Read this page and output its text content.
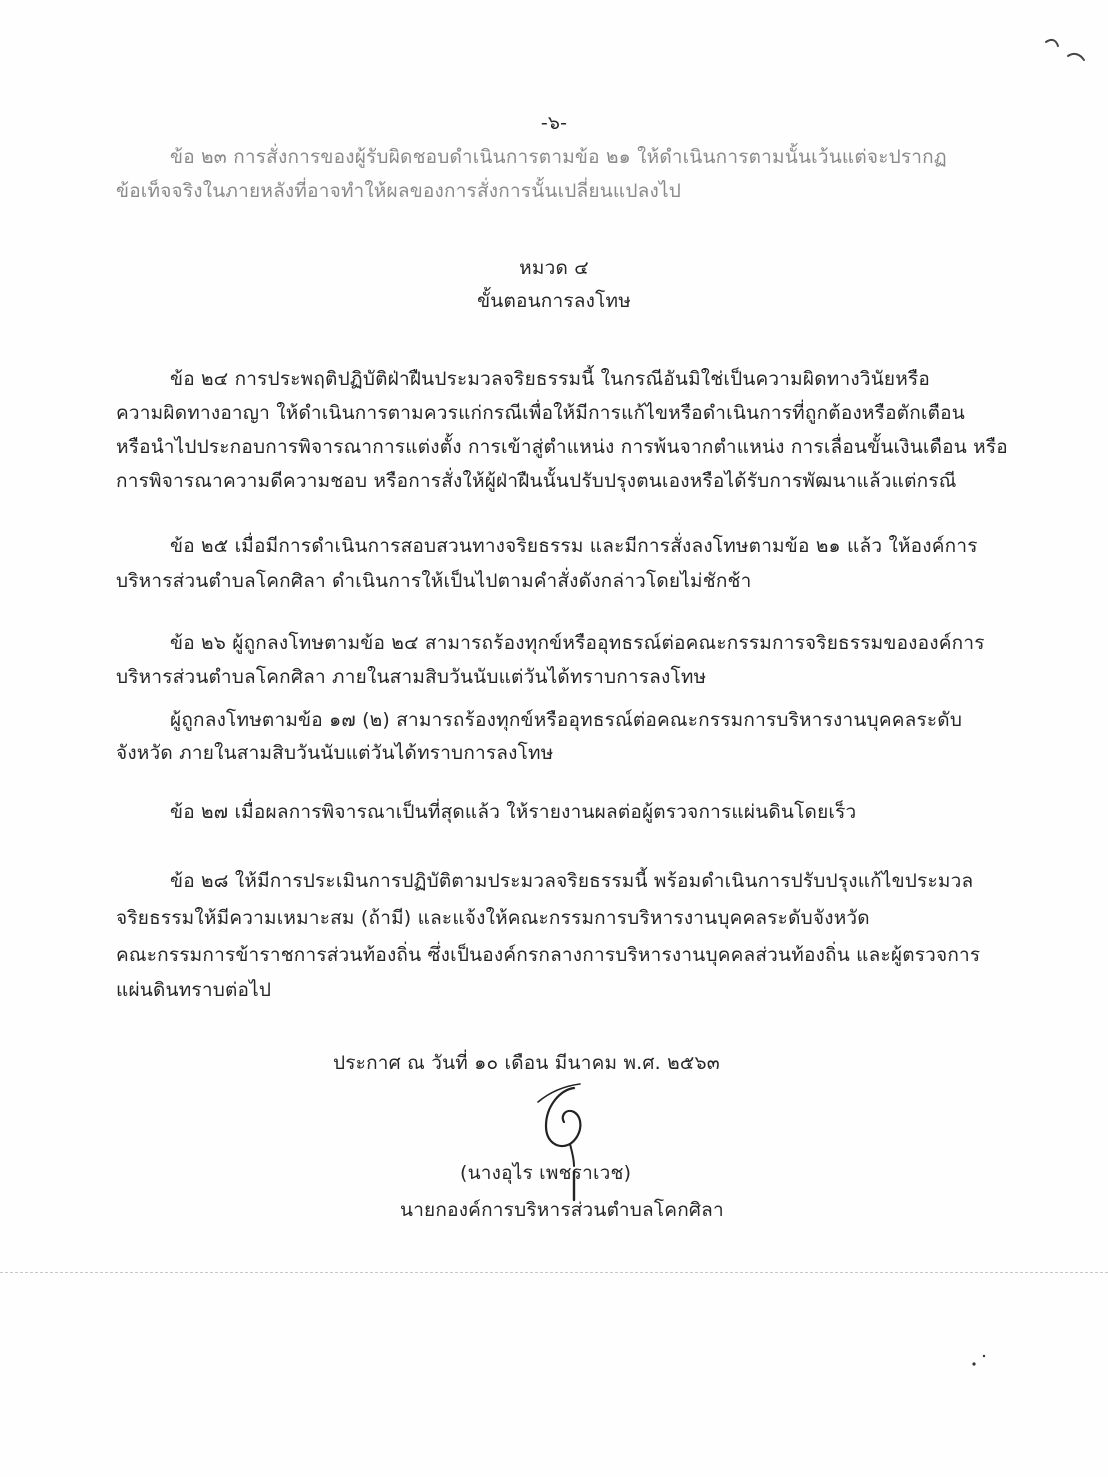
-๖-
ข้อ ๒๓ การสั่งการของผู้รับผิดชอบดำเนินการตามข้อ ๒๑ ให้ดำเนินการตามนั้นเว้นแต่จะปรากฏ
ข้อเท็จจริงในภายหลังที่อาจทำให้ผลของการสั่งการนั้นเปลี่ยนแปลงไป
หมวด ๔
ขั้นตอนการลงโทษ
ข้อ ๒๔ การประพฤติปฏิบัติฝ่าฝืนประมวลจริยธรรมนี้ ในกรณีอันมิใช่เป็นความผิดทางวินัยหรือ
ความผิดทางอาญา ให้ดำเนินการตามควรแก่กรณีเพื่อให้มีการแก้ไขหรือดำเนินการที่ถูกต้องหรือตักเตือน
หรือนำไปประกอบการพิจารณาการแต่งตั้ง การเข้าสู่ตำแหน่ง การพ้นจากตำแหน่ง การเลื่อนขั้นเงินเดือน หรือ
การพิจารณาความดีความชอบ หรือการสั่งให้ผู้ฝ่าฝืนนั้นปรับปรุงตนเองหรือได้รับการพัฒนาแล้วแต่กรณี
ข้อ ๒๕ เมื่อมีการดำเนินการสอบสวนทางจริยธรรม และมีการสั่งลงโทษตามข้อ ๒๑ แล้ว ให้องค์การ
บริหารส่วนตำบลโคกศิลา ดำเนินการให้เป็นไปตามคำสั่งดังกล่าวโดยไม่ชักช้า
ข้อ ๒๖ ผู้ถูกลงโทษตามข้อ ๒๔ สามารถร้องทุกข์หรืออุทธรณ์ต่อคณะกรรมการจริยธรรมขององค์การ
บริหารส่วนตำบลโคกศิลา ภายในสามสิบวันนับแต่วันได้ทราบการลงโทษ
ผู้ถูกลงโทษตามข้อ ๑๗ (๒) สามารถร้องทุกข์หรืออุทธรณ์ต่อคณะกรรมการบริหารงานบุคคลระดับ
จังหวัด ภายในสามสิบวันนับแต่วันได้ทราบการลงโทษ
ข้อ ๒๗ เมื่อผลการพิจารณาเป็นที่สุดแล้ว ให้รายงานผลต่อผู้ตรวจการแผ่นดินโดยเร็ว
ข้อ ๒๘ ให้มีการประเมินการปฏิบัติตามประมวลจริยธรรมนี้ พร้อมดำเนินการปรับปรุงแก้ไขประมวล
จริยธรรมให้มีความเหมาะสม (ถ้ามี) และแจ้งให้คณะกรรมการบริหารงานบุคคลระดับจังหวัด
คณะกรรมการข้าราชการส่วนท้องถิ่น ซึ่งเป็นองค์กรกลางการบริหารงานบุคคลส่วนท้องถิ่น และผู้ตรวจการ
แผ่นดินทราบต่อไป
ประกาศ ณ วันที่ ๑๐ เดือน มีนาคม พ.ศ. ๒๕๖๓
(นางอุไร เพชราเวช)
นายกองค์การบริหารส่วนตำบลโคกศิลา
